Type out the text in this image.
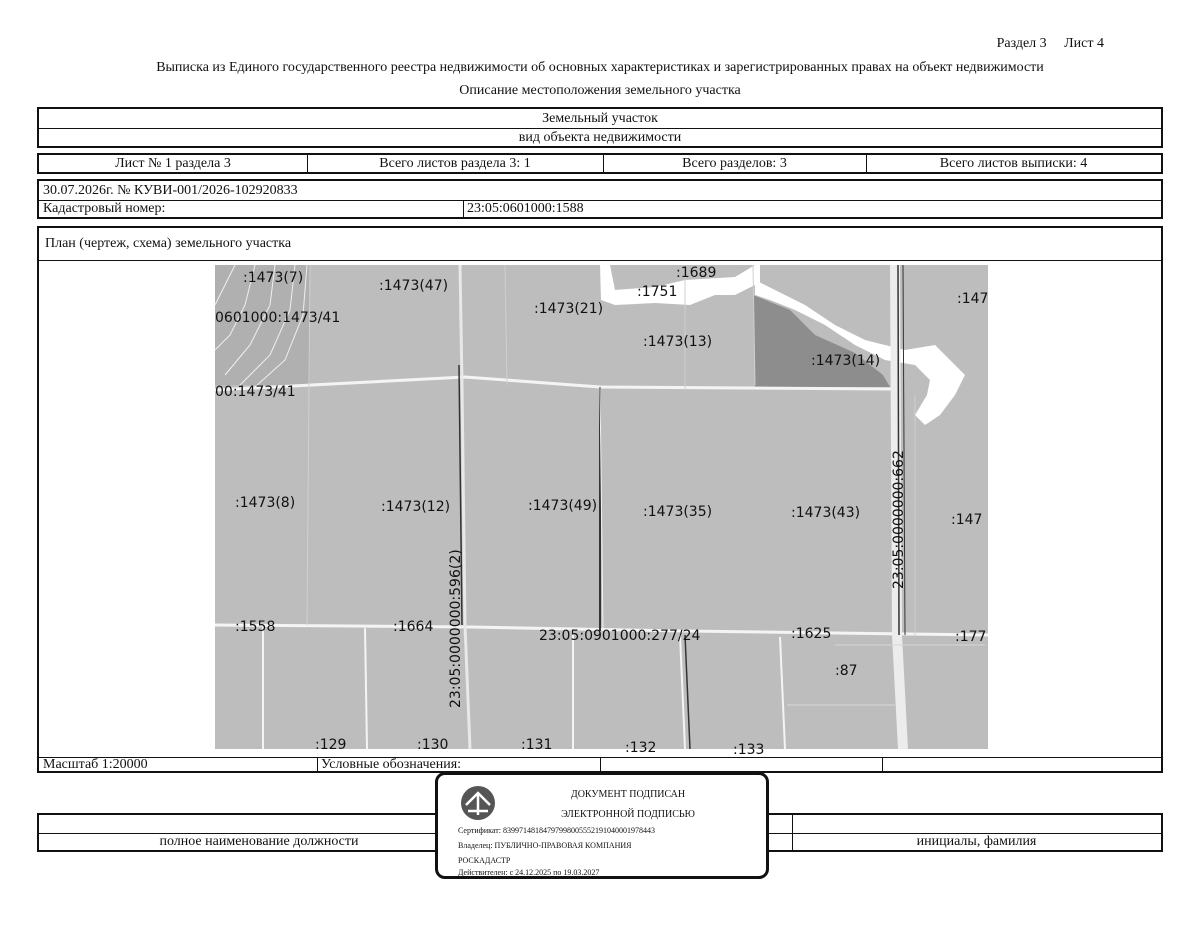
Раздел 3 Лист 4
Выписка из Единого государственного реестра недвижимости об основных характеристиках и зарегистрированных правах на объект недвижимости
Описание местоположения земельного участка
Земельный участок
вид объекта недвижимости
Лист № 1 раздела 3	Всего листов раздела 3: 1	Всего разделов: 3	Всего листов выписки: 4
30.07.2026г. № КУВИ-001/2026-102920833
Кадастровый номер:	23:05:0601000:1588
План (чертеж, схема) земельного участка
Масштаб 1:20000	Условные обозначения:
:1473(7)	:1473(47)
:1689
:1751	:147
:1473(21)
0601000:1473/41
:1473(13)
:1473(14)
00:1473/41
:1473(8)	:1473(12)	:1473(49)	:1473(35)	:1473(43)	:147
:1558	:1664
23:05:0901000:277/24	:1625	:177
:87
:129	:130	:131	:132	:133
23:05:0000000:596(2)
23:05:0000000:662
полное наименование должности	инициалы, фамилия
ДОКУМЕНТ ПОДПИСАН
ЭЛЕКТРОННОЙ ПОДПИСЬЮ
Сертификат: 839971481847979980055521910400019784​43
Владелец: ПУБЛИЧНО-ПРАВОВАЯ КОМПАНИЯ
РОСКАДАСТР
Действителен: с 24.12.2025 по 19.03.2027
